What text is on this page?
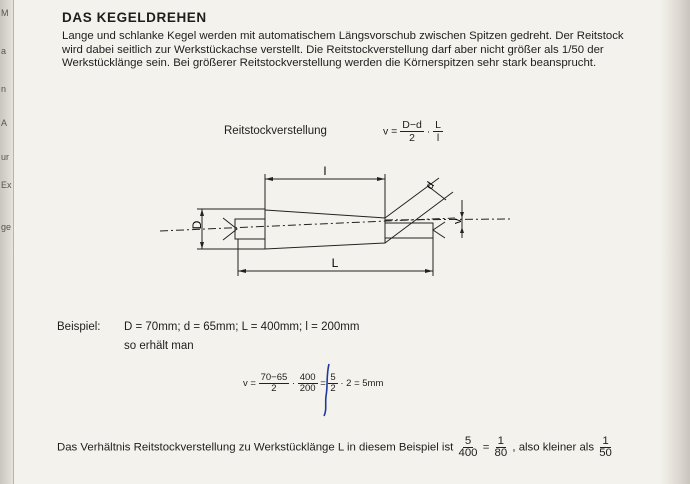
M
a
n
A
ur
Ex
ge
DAS KEGELDREHEN
Lange und schlanke Kegel werden mit automatischem Längsvorschub zwischen Spitzen gedreht. Der Reitstock
wird dabei seitlich zur Werkstückachse verstellt. Die Reitstockverstellung darf aber nicht größer als 1/50 der
Werkstücklänge sein. Bei größerer Reitstockverstellung werden die Körnerspitzen sehr stark beansprucht.
Reitstockverstellung	$v = \frac{D-d}{2} \cdot \frac{L}{l}$
l
L
D
d
v
Beispiel: D = 70mm; d = 65mm; L = 400mm; l = 200mm
so erhält man
$v = \frac{70-65}{2} \cdot \frac{400}{200} = \frac{5}{2} \cdot 2 = 5mm$
Das Verhältnis Reitstockverstellung zu Werkstücklänge L in diesem Beispiel ist $\frac{5}{400} = \frac{1}{80}$ , also kleiner als $\frac{1}{50}$
